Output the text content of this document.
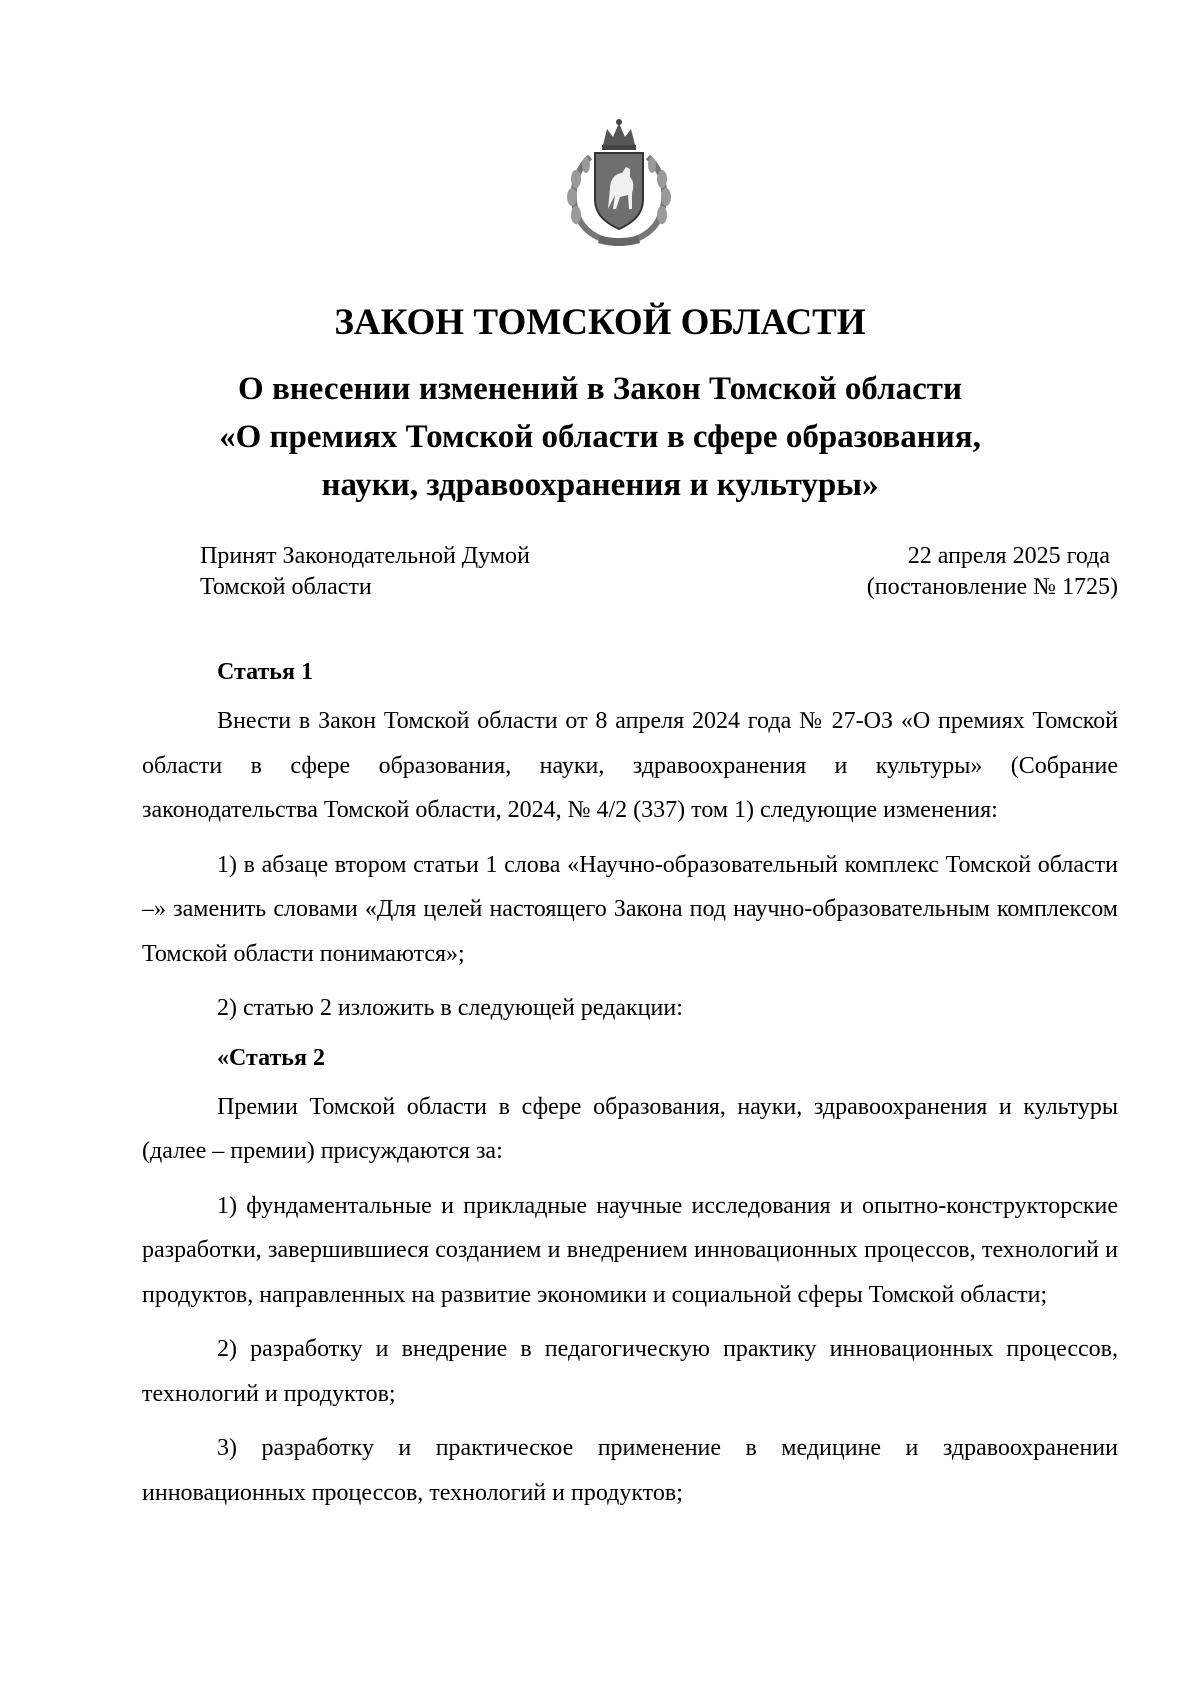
ЗАКОН ТОМСКОЙ ОБЛАСТИ
О внесении изменений в Закон Томской области
«О премиях Томской области в сфере образования,
науки, здравоохранения и культуры»
Принят Законодательной Думой
Томской области
22 апреля 2025 года
(постановление № 1725)

Статья 1

Внести в Закон Томской области от 8 апреля 2024 года № 27-ОЗ «О премиях Томской области в сфере образования, науки, здравоохранения и культуры» (Собрание законодательства Томской области, 2024, № 4/2 (337) том 1) следующие изменения:

1) в абзаце втором статьи 1 слова «Научно-образовательный комплекс Томской области –» заменить словами «Для целей настоящего Закона под научно-образовательным комплексом Томской области понимаются»;

2) статью 2 изложить в следующей редакции:

«Статья 2

Премии Томской области в сфере образования, науки, здравоохранения и культуры (далее – премии) присуждаются за:

1) фундаментальные и прикладные научные исследования и опытно-конструкторские разработки, завершившиеся созданием и внедрением инновационных процессов, технологий и продуктов, направленных на развитие экономики и социальной сферы Томской области;

2) разработку и внедрение в педагогическую практику инновационных процессов, технологий и продуктов;

3) разработку и практическое применение в медицине и здравоохранении инновационных процессов, технологий и продуктов;
